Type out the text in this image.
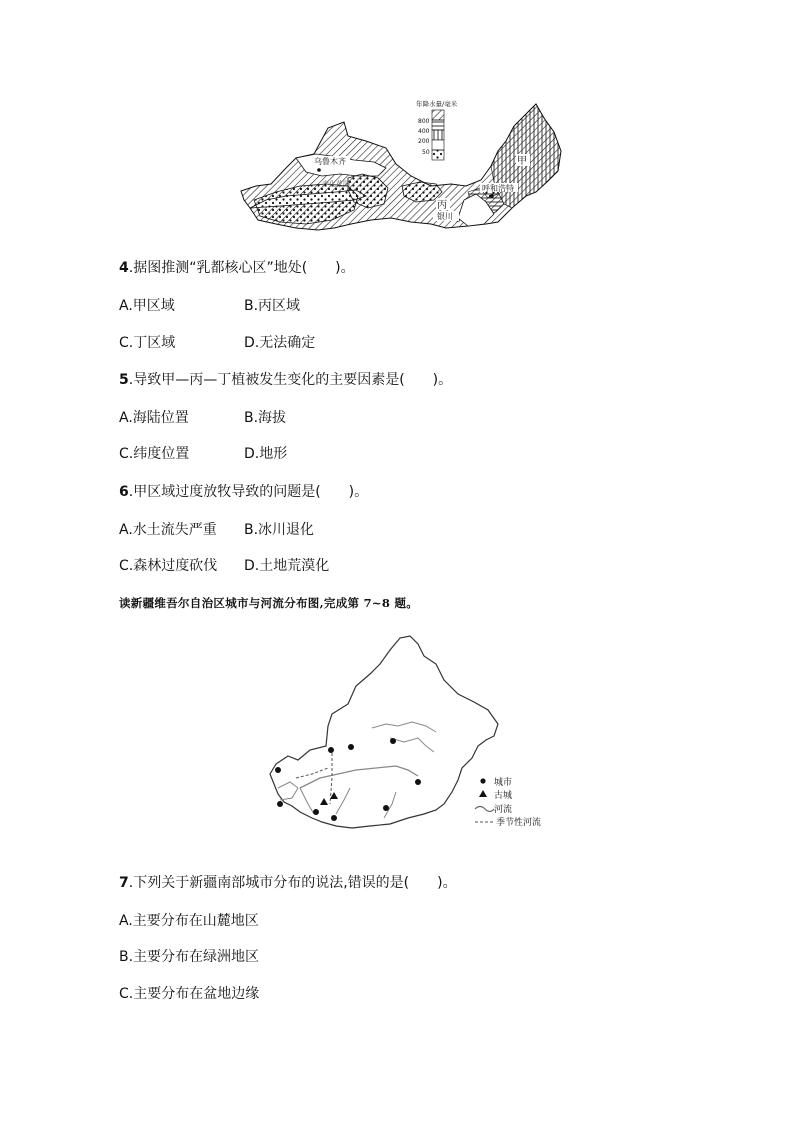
乌鲁木齐
赤化花园	呼和浩特
银川
甲
丙
年降水量/毫米
800
400
200
50
4.据图推测“乳都核心区”地处(　　)。
A.甲区域	B.丙区域
C.丁区域	D.无法确定
5.导致甲—丙—丁植被发生变化的主要因素是(　　)。
A.海陆位置	B.海拔
C.纬度位置	D.地形
6.甲区域过度放牧导致的问题是(　　)。
A.水土流失严重 B.冰川退化
C.森林过度砍伐 D.土地荒漠化
读新疆维吾尔自治区城市与河流分布图,完成第 7~8 题。
城市
古城
河流
季节性河流
7.下列关于新疆南部城市分布的说法,错误的是(　　)。
A.主要分布在山麓地区
B.主要分布在绿洲地区
C.主要分布在盆地边缘
